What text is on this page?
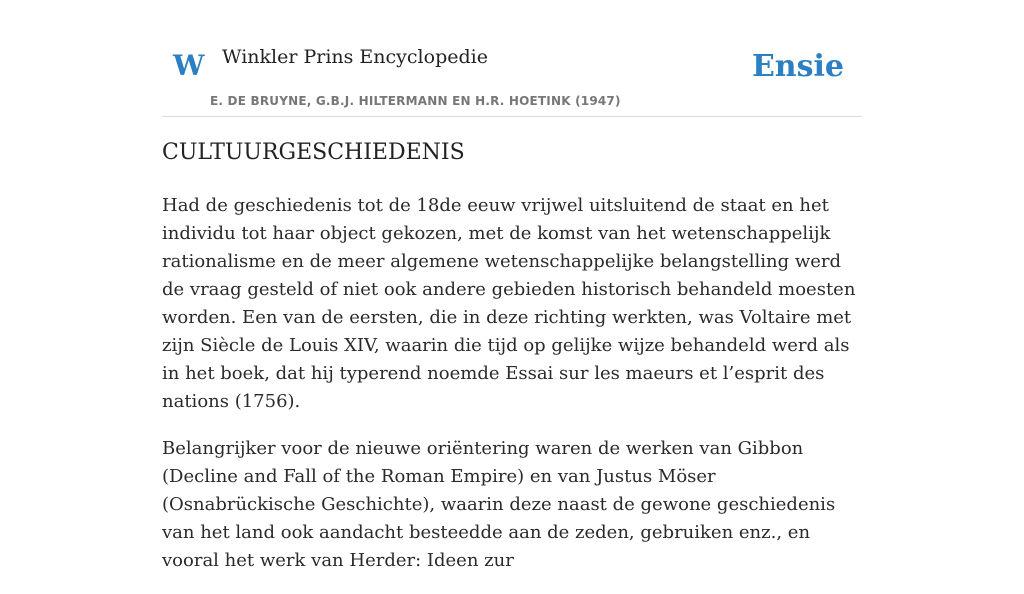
W Winkler Prins Encyclopedie
E. DE BRUYNE, G.B.J. HILTERMANN EN H.R. HOETINK (1947)
Ensie
CULTUURGESCHIEDENIS

Had de geschiedenis tot de 18de eeuw vrijwel uitsluitend de staat en het individu tot haar object gekozen, met de komst van het wetenschappelijk rationalisme en de meer algemene wetenschappelijke belangstelling werd de vraag gesteld of niet ook andere gebieden historisch behandeld moesten worden. Een van de eersten, die in deze richting werkten, was Voltaire met zijn Siècle de Louis XIV, waarin die tijd op gelijke wijze behandeld werd als in het boek, dat hij typerend noemde Essai sur les maeurs et l’esprit des nations (1756).

Belangrijker voor de nieuwe oriëntering waren de werken van Gibbon (Decline and Fall of the Roman Empire) en van Justus Möser (Osnabrückische Geschichte), waarin deze naast de gewone geschiedenis van het land ook aandacht besteedde aan de zeden, gebruiken enz., en vooral het werk van Herder: Ideen zur
